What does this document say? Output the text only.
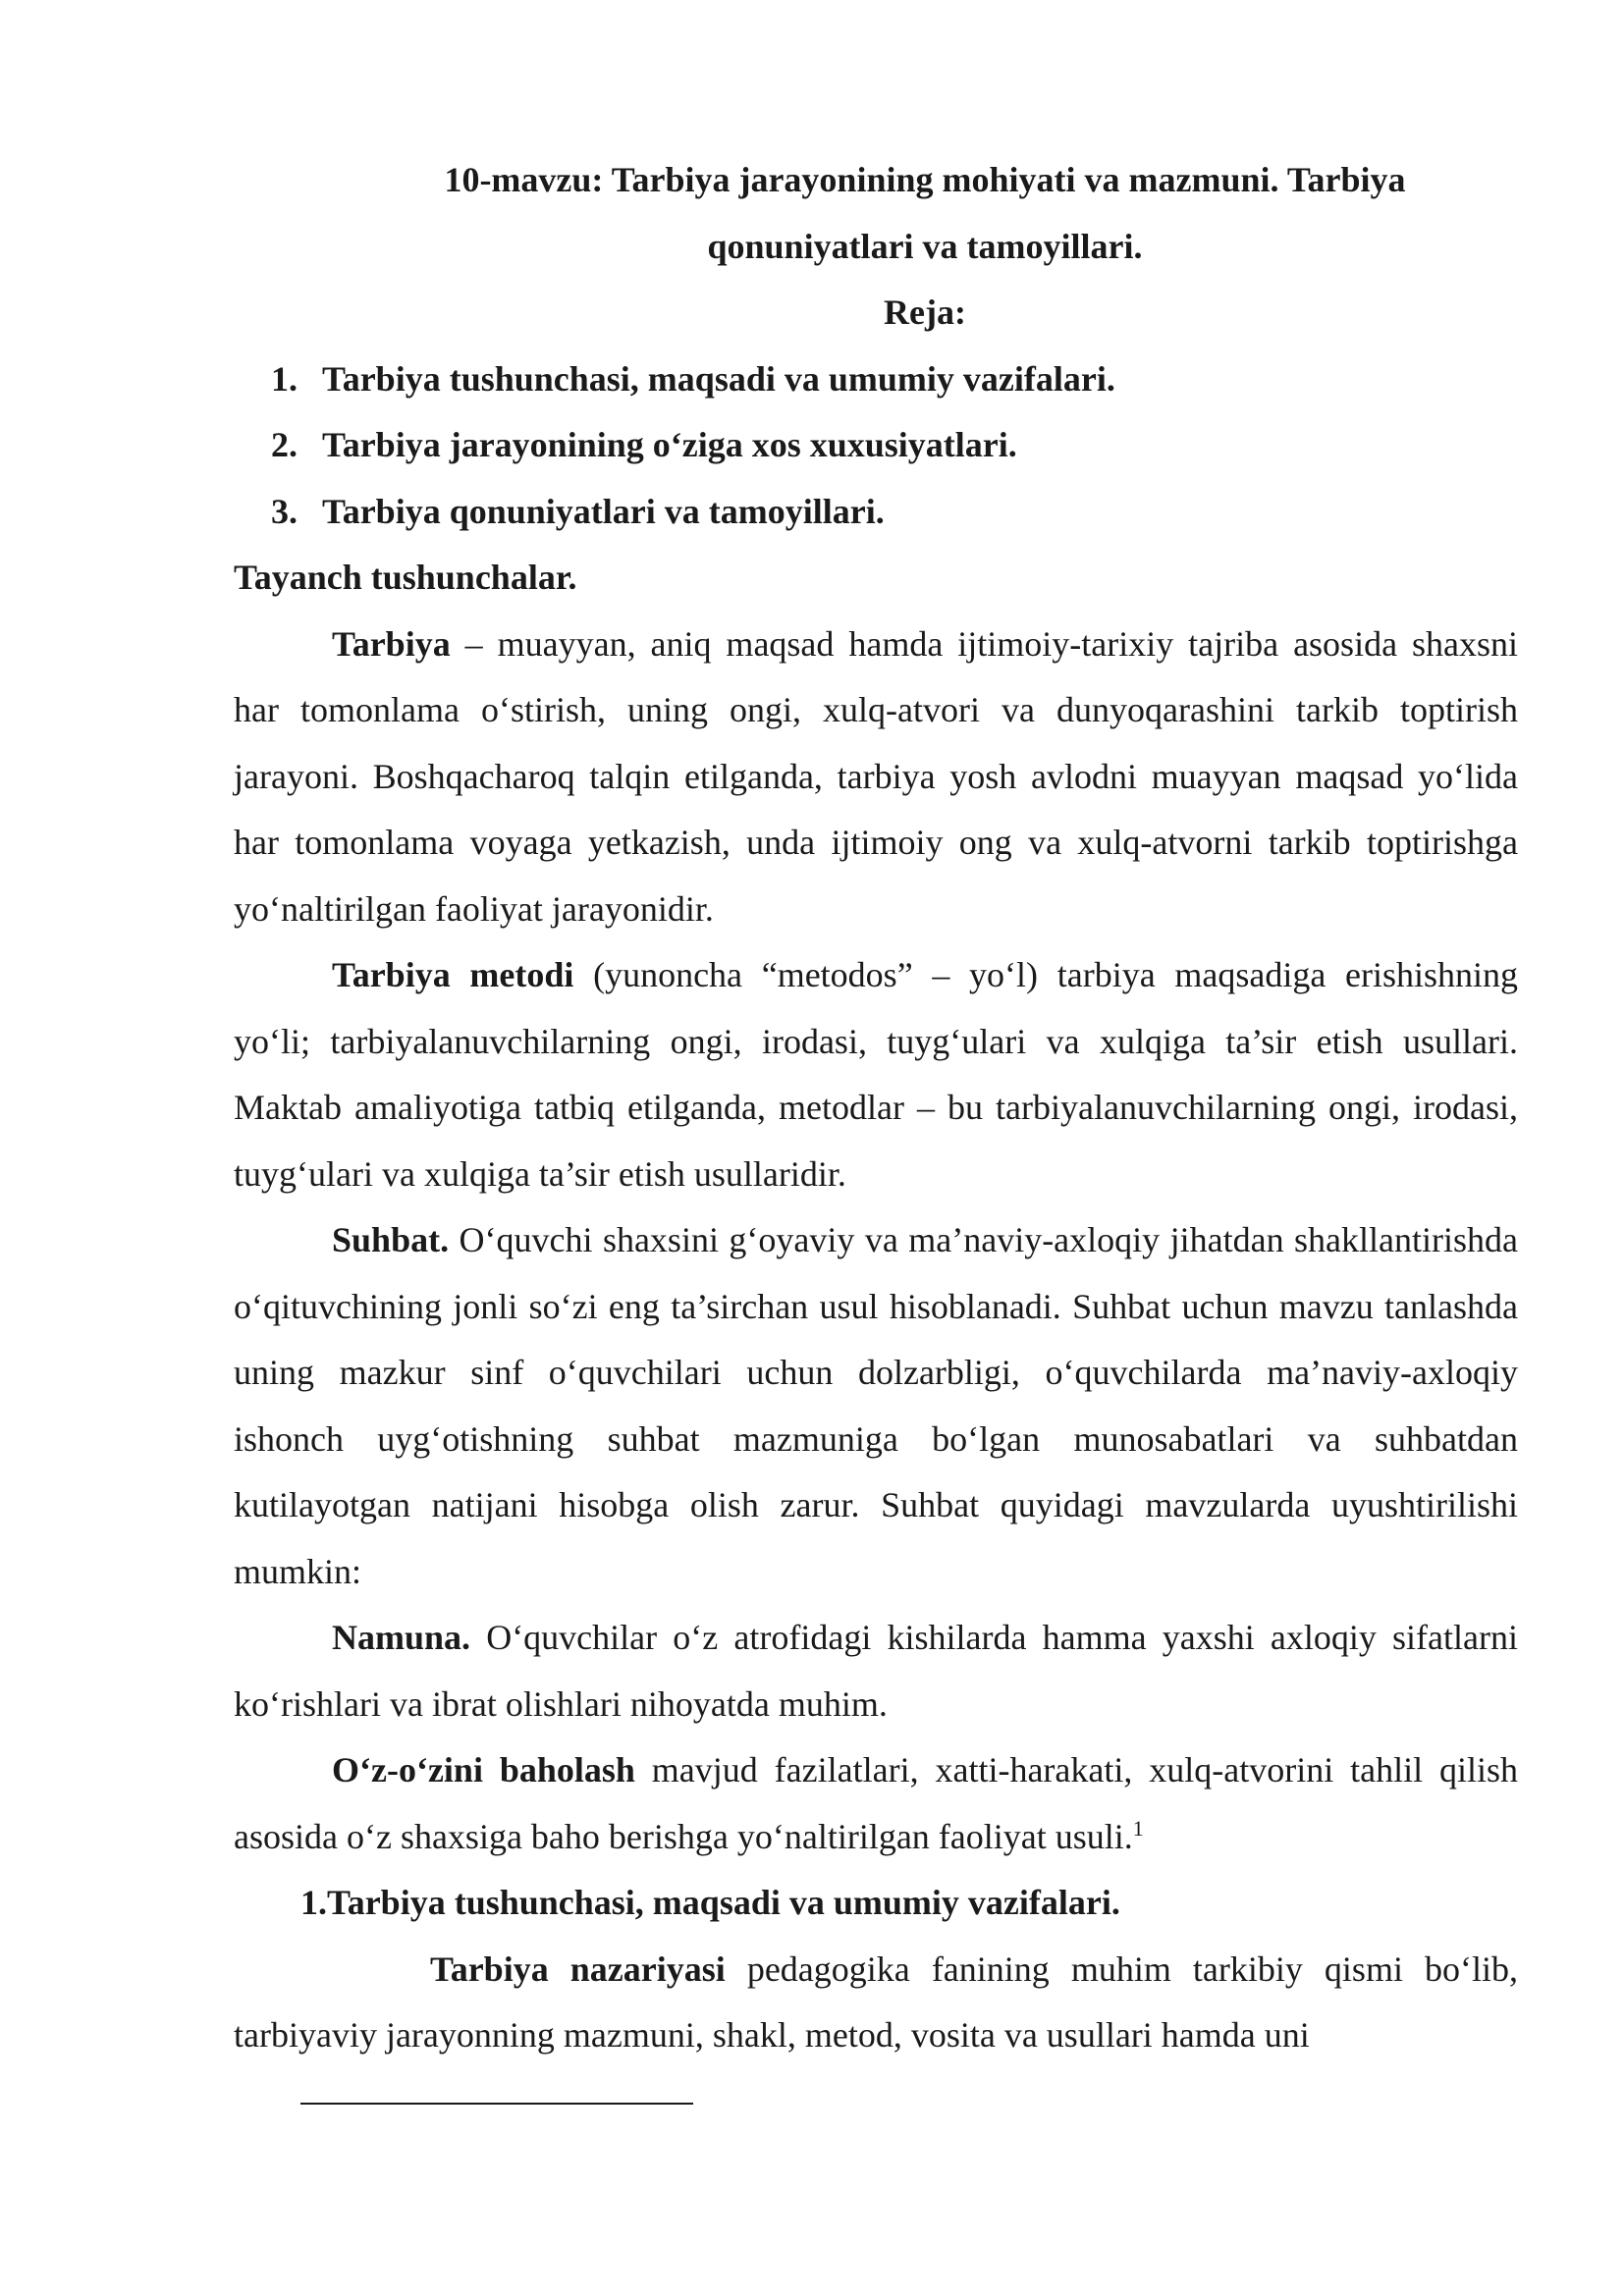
10-mavzu: Tarbiya jarayonining mohiyati va mazmuni. Tarbiya
qonuniyatlari va tamoyillari.

Reja:

1. Tarbiya tushunchasi, maqsadi va umumiy vazifalari.
2. Tarbiya jarayonining o‘ziga xos xuxusiyatlari.
3. Tarbiya qonuniyatlari va tamoyillari.

Tayanch tushunchalar.

Tarbiya – muayyan, aniq maqsad hamda ijtimoiy-tarixiy tajriba asosida shaxsni har tomonlama o‘stirish, uning ongi, xulq-atvori va dunyoqarashini tarkib toptirish jarayoni. Boshqacharoq talqin etilganda, tarbiya yosh avlodni muayyan maqsad yo‘lida har tomonlama voyaga yetkazish, unda ijtimoiy ong va xulq-atvorni tarkib toptirishga yo‘naltirilgan faoliyat jarayonidir.

Tarbiya metodi (yunoncha “metodos” – yo‘l) tarbiya maqsadiga erishishning yo‘li; tarbiyalanuvchilarning ongi, irodasi, tuyg‘ulari va xulqiga ta’sir etish usullari. Maktab amaliyotiga tatbiq etilganda, metodlar – bu tarbiyalanuvchilarning ongi, irodasi, tuyg‘ulari va xulqiga ta’sir etish usullaridir.

Suhbat. O‘quvchi shaxsini g‘oyaviy va ma’naviy-axloqiy jihatdan shakllantirishda o‘qituvchining jonli so‘zi eng ta’sirchan usul hisoblanadi. Suhbat uchun mavzu tanlashda uning mazkur sinf o‘quvchilari uchun dolzarbligi, o‘quvchilarda ma’naviy-axloqiy ishonch uyg‘otishning suhbat mazmuniga bo‘lgan munosabatlari va suhbatdan kutilayotgan natijani hisobga olish zarur. Suhbat quyidagi mavzularda uyushtirilishi mumkin:

Namuna. O‘quvchilar o‘z atrofidagi kishilarda hamma yaxshi axloqiy sifatlarni ko‘rishlari va ibrat olishlari nihoyatda muhim.

O‘z-o‘zini baholash mavjud fazilatlari, xatti-harakati, xulq-atvorini tahlil qilish asosida o‘z shaxsiga baho berishga yo‘naltirilgan faoliyat usuli.$^1$

1.Tarbiya tushunchasi, maqsadi va umumiy vazifalari.

Tarbiya nazariyasi pedagogika fanining muhim tarkibiy qismi bo‘lib, tarbiyaviy jarayonning mazmuni, shakl, metod, vosita va usullari hamda uni
